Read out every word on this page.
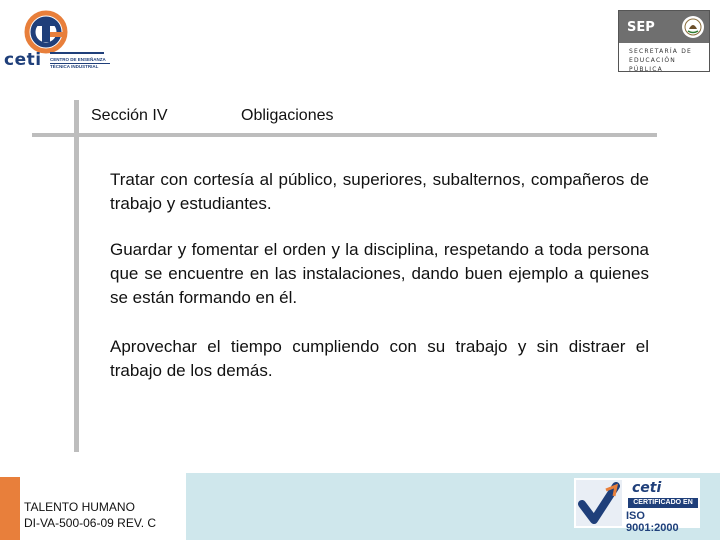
ceti CENTRO DE ENSEÑANZA
TÉCNICA INDUSTRIAL
SEP
SECRETARÍA DE
EDUCACIÓN PÚBLICA
Sección IV	Obligaciones
Tratar con cortesía al público, superiores, subalternos, compañeros de trabajo y estudiantes.
Guardar y fomentar el orden y la disciplina, respetando a toda persona que se encuentre en las instalaciones, dando buen ejemplo a quienes se están formando en él.
Aprovechar el tiempo cumpliendo con su trabajo y sin distraer el trabajo de los demás.
TALENTO HUMANO
DI-VA-500-06-09 REV. C
ceti
CERTIFICADO EN
ISO 9001:2000
